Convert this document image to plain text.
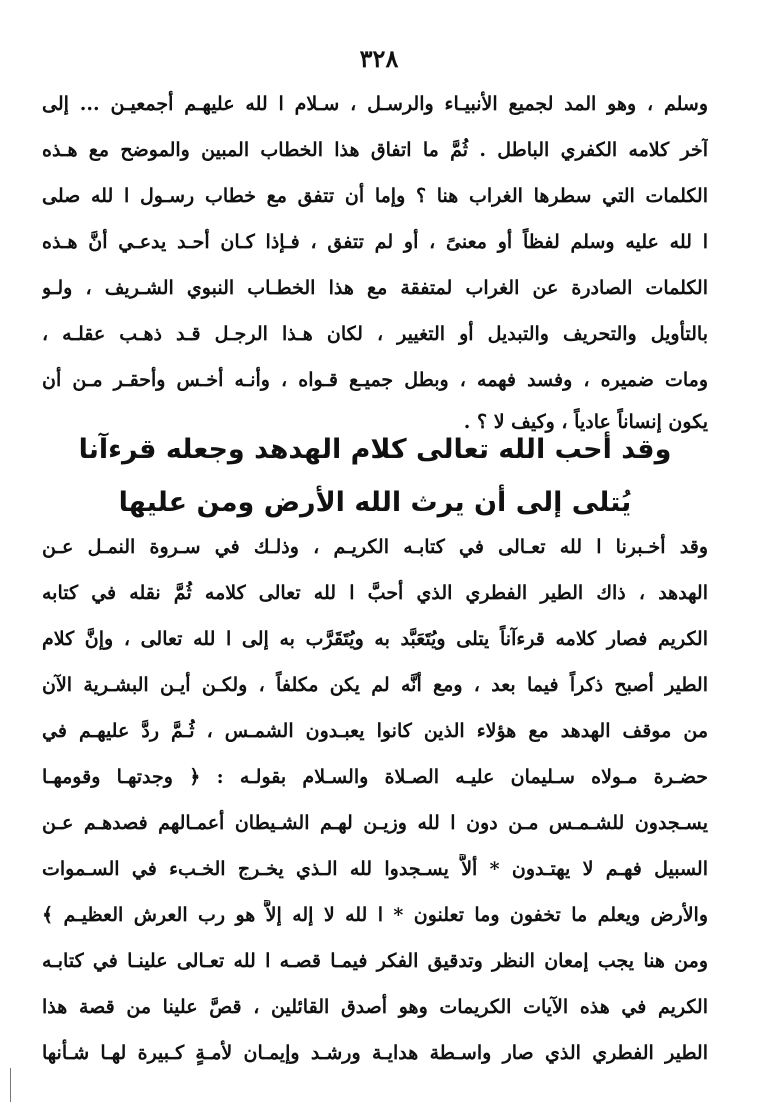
٣٢٨
وسلم ، وهو المد لجميع الأنبيـاء والرسـل ، سـلام ا لله عليهـم أجمعيـن ... إلى
آخر كلامه الكفري الباطل . ثُمَّ ما اتفاق هذا الخطاب المبين والموضح مع هـذه
الكلمات التي سطرها الغراب هنا ؟ وإما أن تتفق مع خطاب رسـول ا لله صلى
ا لله عليه وسلم لفظاً أو معنىً ، أو لم تتفق ، فـإذا كـان أحـد يدعـي أنَّ هـذه
الكلمات الصادرة عن الغراب لمتفقة مع هذا الخطـاب النبوي الشـريف ، ولـو
بالتأويل والتحريف والتبديل أو التغيير ، لكان هـذا الرجـل قـد ذهـب عقلـه ،
ومات ضميره ، وفسد فهمه ، وبطل جميـع قـواه ، وأنـه أخـس وأحقـر مـن أن
يكون إنساناً عادياً ، وكيف لا ؟ .
وقد أحب الله تعالى كلام الهدهد وجعله قرءآنا
يُتلى إلى أن يرث الله الأرض ومن عليها
وقد أخـبرنا ا لله تعـالى في كتابـه الكريـم ، وذلـك في سـروة النمـل عـن
الهدهد ، ذاك الطير الفطري الذي أحبَّ ا لله تعالى كلامه ثُمَّ نقله في كتابه
الكريم فصار كلامه قرءآناً يتلى ويُتَعَبَّد به ويُتَقَرَّب به إلى ا لله تعالى ، وإنَّ كلام
الطير أصبح ذكراً فيما بعد ، ومع أنَّه لم يكن مكلفاً ، ولكـن أيـن البشـرية الآن
من موقف الهدهد مع هؤلاء الذين كانوا يعبـدون الشمـس ، ثُـمَّ ردَّ عليهـم في
حضـرة مـولاه سـليمان عليـه الصـلاة والسـلام بقولـه : ﴿ وجدتهـا وقومهـا
يسـجدون للشـمـس مـن دون ا لله وزيـن لهـم الشـيطان أعمـالهم فصدهـم عـن
السبيل فهـم لا يهتـدون * ألاَّ يسـجدوا لله الـذي يخـرج الخـبء في السـموات
والأرض ويعلم ما تخفون وما تعلنون * ا لله لا إله إلاَّ هو رب العرش العظيـم ﴾
ومن هنا يجب إمعان النظر وتدقيق الفكر فيمـا قصـه ا لله تعـالى علينـا في كتابـه
الكريم في هذه الآيات الكريمات وهو أصدق القائلين ، قصَّ علينا من قصة هذا
الطير الفطري الذي صار واسـطة هدايـة ورشـد وإيمـان لأمـةٍ كـبيرة لهـا شـأنها
